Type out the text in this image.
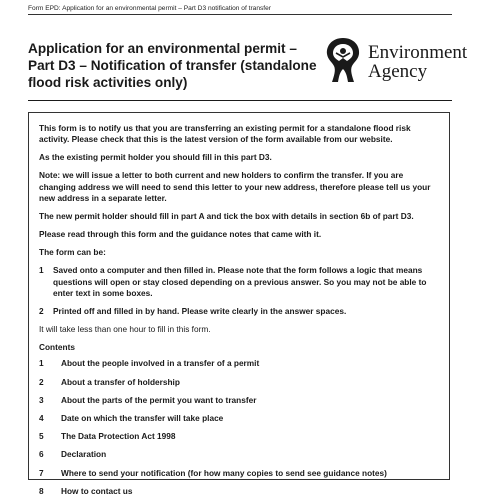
Form EPD: Application for an environmental permit – Part D3 notification of transfer
Application for an environmental permit – Part D3 – Notification of transfer (standalone flood risk activities only)
Environment
Agency

This form is to notify us that you are transferring an existing permit for a standalone flood risk activity. Please check that this is the latest version of the form available from our website.

As the existing permit holder you should fill in this part D3.

Note: we will issue a letter to both current and new holders to confirm the transfer. If you are changing address we will need to send this letter to your new address, therefore please tell us your new address in a separate letter.

The new permit holder should fill in part A and tick the box with details in section 6b of part D3.

Please read through this form and the guidance notes that came with it.

The form can be:

1	Saved onto a computer and then filled in. Please note that the form follows a logic that means questions will open or stay closed depending on a previous answer. So you may not be able to enter text in some boxes.
2	Printed off and filled in by hand. Please write clearly in the answer spaces.

It will take less than one hour to fill in this form.

Contents
1	About the people involved in a transfer of a permit
2	About a transfer of holdership
3	About the parts of the permit you want to transfer
4	Date on which the transfer will take place
5	The Data Protection Act 1998
6	Declaration
7	Where to send your notification (for how many copies to send see guidance notes)
8	How to contact us
